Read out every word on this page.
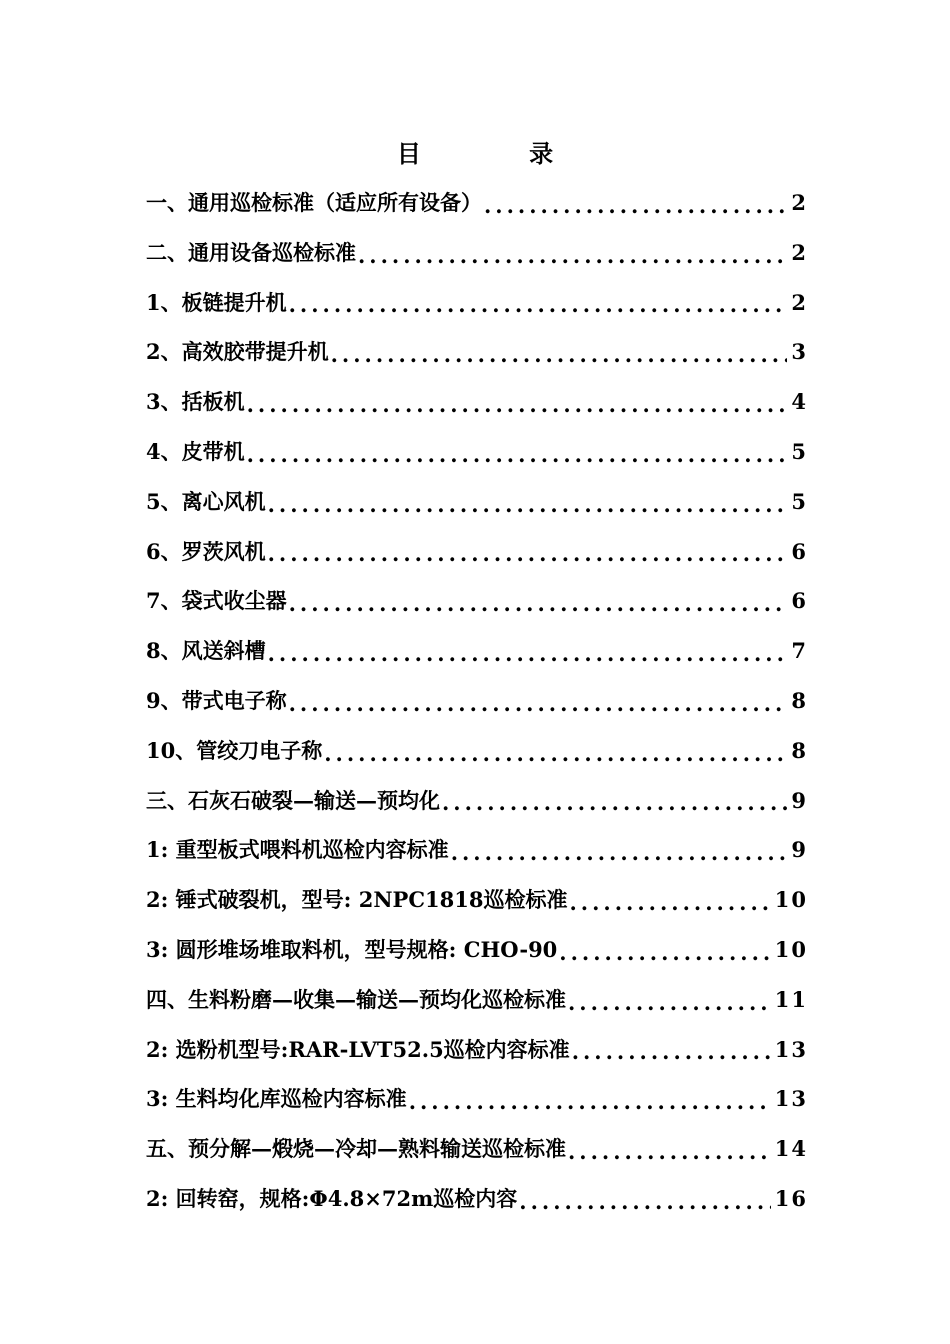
目 录
一、通用巡检标准（适应所有设备） .....	2
二、通用设备巡检标准 .....	2
1、板链提升机 .....	2
2、高效胶带提升机 .....	3
3、括板机 .....	4
4、皮带机 .....	5
5、离心风机 .....	5
6、罗茨风机 .....	6
7、袋式收尘器 .....	6
8、风送斜槽 .....	7
9、带式电子称 .....	8
10、管绞刀电子称 .....	8
三、石灰石破裂—输送—预均化 .....	9
1: 重型板式喂料机巡检内容标准 .....	9
2: 锤式破裂机，型号: 2NPC1818巡检标准 .....	10
3: 圆形堆场堆取料机，型号规格: CHO-90 .....	10
四、生料粉磨—收集—输送—预均化巡检标准 .....	11
2: 选粉机型号:RAR-LVT52.5巡检内容标准 .....	13
3: 生料均化库巡检内容标准 .....	13
五、预分解—煅烧—冷却—熟料输送巡检标准 .....	14
2: 回转窑，规格:Φ4.8×72m巡检内容 .....	16
